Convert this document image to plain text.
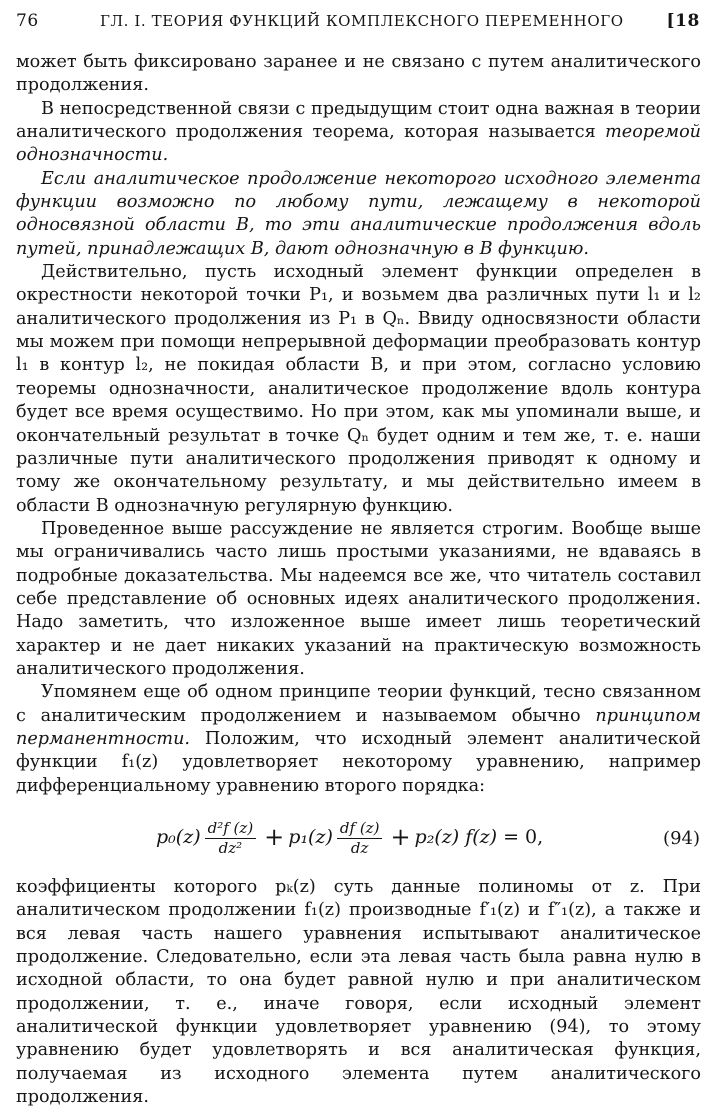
76	ГЛ. I. ТЕОРИЯ ФУНКЦИЙ КОМПЛЕКСНОГО ПЕРЕМЕННОГО	[18

может быть фиксировано заранее и не связано с путем аналитического продолжения.

В непосредственной связи с предыдущим стоит одна важная в теории аналитического продолжения теорема, которая называется теоремой однозначности.

Если аналитическое продолжение некоторого исходного элемента функции возможно по любому пути, лежащему в некоторой односвязной области B, то эти аналитические продолжения вдоль путей, принадлежащих B, дают однозначную в B функцию.

Действительно, пусть исходный элемент функции определен в окрестности некоторой точки P₁, и возьмем два различных пути l₁ и l₂ аналитического продолжения из P₁ в Qₙ. Ввиду односвязности области мы можем при помощи непрерывной деформации преобразовать контур l₁ в контур l₂, не покидая области B, и при этом, согласно условию теоремы однозначности, аналитическое продолжение вдоль контура будет все время осуществимо. Но при этом, как мы упоминали выше, и окончательный результат в точке Qₙ будет одним и тем же, т. е. наши различные пути аналитического продолжения приводят к одному и тому же окончательному результату, и мы действительно имеем в области B однозначную регулярную функцию.

Проведенное выше рассуждение не является строгим. Вообще выше мы ограничивались часто лишь простыми указаниями, не вдаваясь в подробные доказательства. Мы надеемся все же, что читатель составил себе представление об основных идеях аналитического продолжения. Надо заметить, что изложенное выше имеет лишь теоретический характер и не дает никаких указаний на практическую возможность аналитического продолжения.

Упомянем еще об одном принципе теории функций, тесно связанном с аналитическим продолжением и называемом обычно принципом перманентности. Положим, что исходный элемент аналитической функции f₁(z) удовлетворяет некоторому уравнению, например дифференциальному уравнению второго порядка:

$p_0(z) \frac{\text{d²f (z)}}{\text{dz²}} + p_1(z) \frac{df (z)}{dz} + p_2(z) f(z) = 0$,	(94)

коэффициенты которого pₖ(z) суть данные полиномы от z. При аналитическом продолжении f₁(z) производные f′₁(z) и f″₁(z), а также и вся левая часть нашего уравнения испытывают аналитическое продолжение. Следовательно, если эта левая часть была равна нулю в исходной области, то она будет равной нулю и при аналитическом продолжении, т. е., иначе говоря, если исходный элемент аналитической функции удовлетворяет уравнению (94), то этому уравнению будет удовлетворять и вся аналитическая функция, получаемая из исходного элемента путем аналитического продолжения.
